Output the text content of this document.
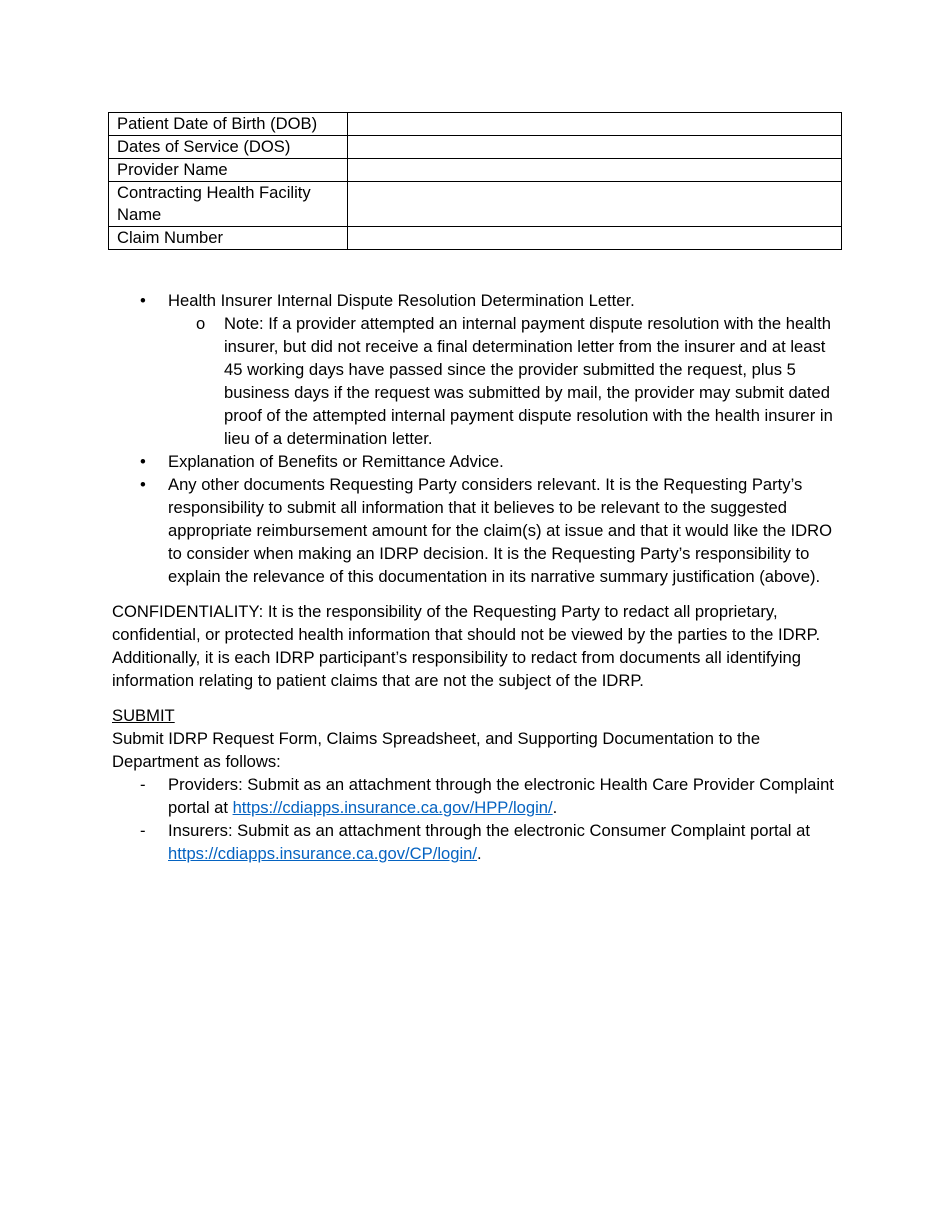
Patient Date of Birth (DOB)	
Dates of Service (DOS)	
Provider Name	
Contracting Health Facility Name	
Claim Number	
• Health Insurer Internal Dispute Resolution Determination Letter.
o Note: If a provider attempted an internal payment dispute resolution with the health insurer, but did not receive a final determination letter from the insurer and at least 45 working days have passed since the provider submitted the request, plus 5 business days if the request was submitted by mail, the provider may submit dated proof of the attempted internal payment dispute resolution with the health insurer in lieu of a determination letter.
• Explanation of Benefits or Remittance Advice.
• Any other documents Requesting Party considers relevant. It is the Requesting Party’s responsibility to submit all information that it believes to be relevant to the suggested appropriate reimbursement amount for the claim(s) at issue and that it would like the IDRO to consider when making an IDRP decision. It is the Requesting Party’s responsibility to explain the relevance of this documentation in its narrative summary justification (above).

CONFIDENTIALITY: It is the responsibility of the Requesting Party to redact all proprietary, confidential, or protected health information that should not be viewed by the parties to the IDRP. Additionally, it is each IDRP participant’s responsibility to redact from documents all identifying information relating to patient claims that are not the subject of the IDRP.

SUBMIT

Submit IDRP Request Form, Claims Spreadsheet, and Supporting Documentation to the Department as follows:

- Providers: Submit as an attachment through the electronic Health Care Provider Complaint portal at https://cdiapps.insurance.ca.gov/HPP/login/.
- Insurers: Submit as an attachment through the electronic Consumer Complaint portal at https://cdiapps.insurance.ca.gov/CP/login/.
